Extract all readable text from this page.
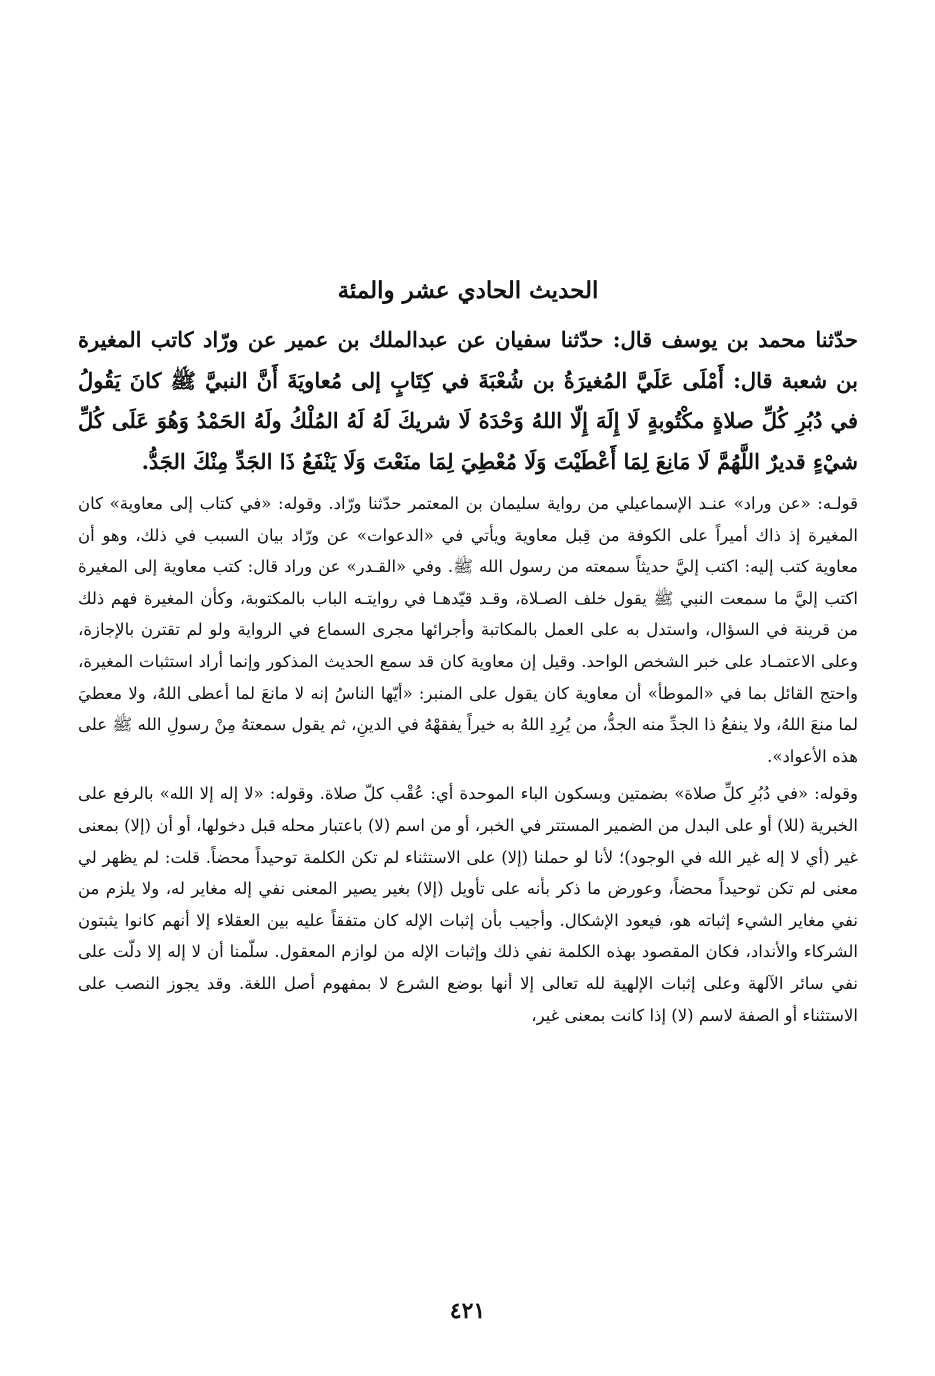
الحديث الحادي عشر والمئة

حدّثنا محمد بن يوسف قال: حدّثنا سفيان عن عبدالملك بن عمير عن ورّاد كاتب المغيرة بن شعبة قال: أَمْلَى عَلَيَّ المُغيرَةُ بن شُعْبَةَ في كِتَابٍ إلى مُعاويَةَ أَنَّ النبيَّ ﷺ كانَ يَقُولُ في دُبُرِ كُلِّ صلاةٍ مكْتُوبةٍ لَا إِلَهَ إِلّا اللهُ وَحْدَهُ لَا شريكَ لَهُ لَهُ المُلْكُ ولَهُ الحَمْدُ وَهُوَ عَلَى كُلِّ شيْءٍ قديرٌ اللَّهُمَّ لَا مَانِعَ لِمَا أَعْطَيْتَ وَلَا مُعْطِيَ لِمَا منَعْتَ وَلَا يَنْفَعُ ذَا الجَدِّ مِنْكَ الجَدُّ.

قولـه: «عن وراد» عنـد الإسماعيلي من رواية سليمان بن المعتمر حدّثنا ورّاد. وقوله: «في كتاب إلى معاوية» كان المغيرة إذ ذاك أميراً على الكوفة من قِبل معاوية ويأتي في «الدعوات» عن ورّاد بيان السبب في ذلك، وهو أن معاوية كتب إليه: اكتب إليَّ حديثاً سمعته من رسول الله ﷺ. وفي «القـدر» عن وراد قال: كتب معاوية إلى المغيرة اكتب إليَّ ما سمعت النبي ﷺ يقول خلف الصـلاة، وقـد قيّدهـا في روايتـه الباب بالمكتوبة، وكأن المغيرة فهم ذلك من قرينة في السؤال، واستدل به على العمل بالمكاتبة وأجرائها مجرى السماع في الرواية ولو لم تقترن بالإجازة، وعلى الاعتمـاد على خبر الشخص الواحد. وقيل إن معاوية كان قد سمع الحديث المذكور وإنما أراد استثبات المغيرة، واحتج القائل بما في «الموطأ» أن معاوية كان يقول على المنبر: «أيّها الناسُ إنه لا مانعَ لما أعطى اللهُ، ولا معطيَ لما منعَ اللهُ، ولا ينفعُ ذا الجدِّ منه الجدُّ، من يُرِدِ اللهُ به خيراً يفقهْهُ في الدينِ، ثم يقول سمعتهُ مِنْ رسولِ الله ﷺ على هذه الأعواد».

وقوله: «في دُبُرِ كلِّ صلاة» بضمتين وبسكون الباء الموحدة أي: عُقْب كلّ صلاة. وقوله: «لا إله إلا الله» بالرفع على الخبرية (للا) أو على البدل من الضمير المستتر في الخبر، أو من اسم (لا) باعتبار محله قبل دخولها، أو أن (إلا) بمعنى غير (أي لا إله غير الله في الوجود)؛ لأنا لو حملنا (إلا) على الاستثناء لم تكن الكلمة توحيداً محضاً. قلت: لم يظهر لي معنى لم تكن توحيداً محضاً، وعورض ما ذكر بأنه على تأويل (إلا) بغير يصير المعنى نفي إله مغاير له، ولا يلزم من نفي مغاير الشيء إثباته هو، فيعود الإشكال. وأجيب بأن إثبات الإله كان متفقاً عليه بين العقلاء إلا أنهم كانوا يثبتون الشركاء والأنداد، فكان المقصود بهذه الكلمة نفي ذلك وإثبات الإله من لوازم المعقول. سلّمنا أن لا إله إلا دلّت على نفي سائر الآلهة وعلى إثبات الإلهية لله تعالى إلا أنها بوضع الشرع لا بمفهوم أصل اللغة. وقد يجوز النصب على الاستثناء أو الصفة لاسم (لا) إذا كانت بمعنى غير،

٤٢١
